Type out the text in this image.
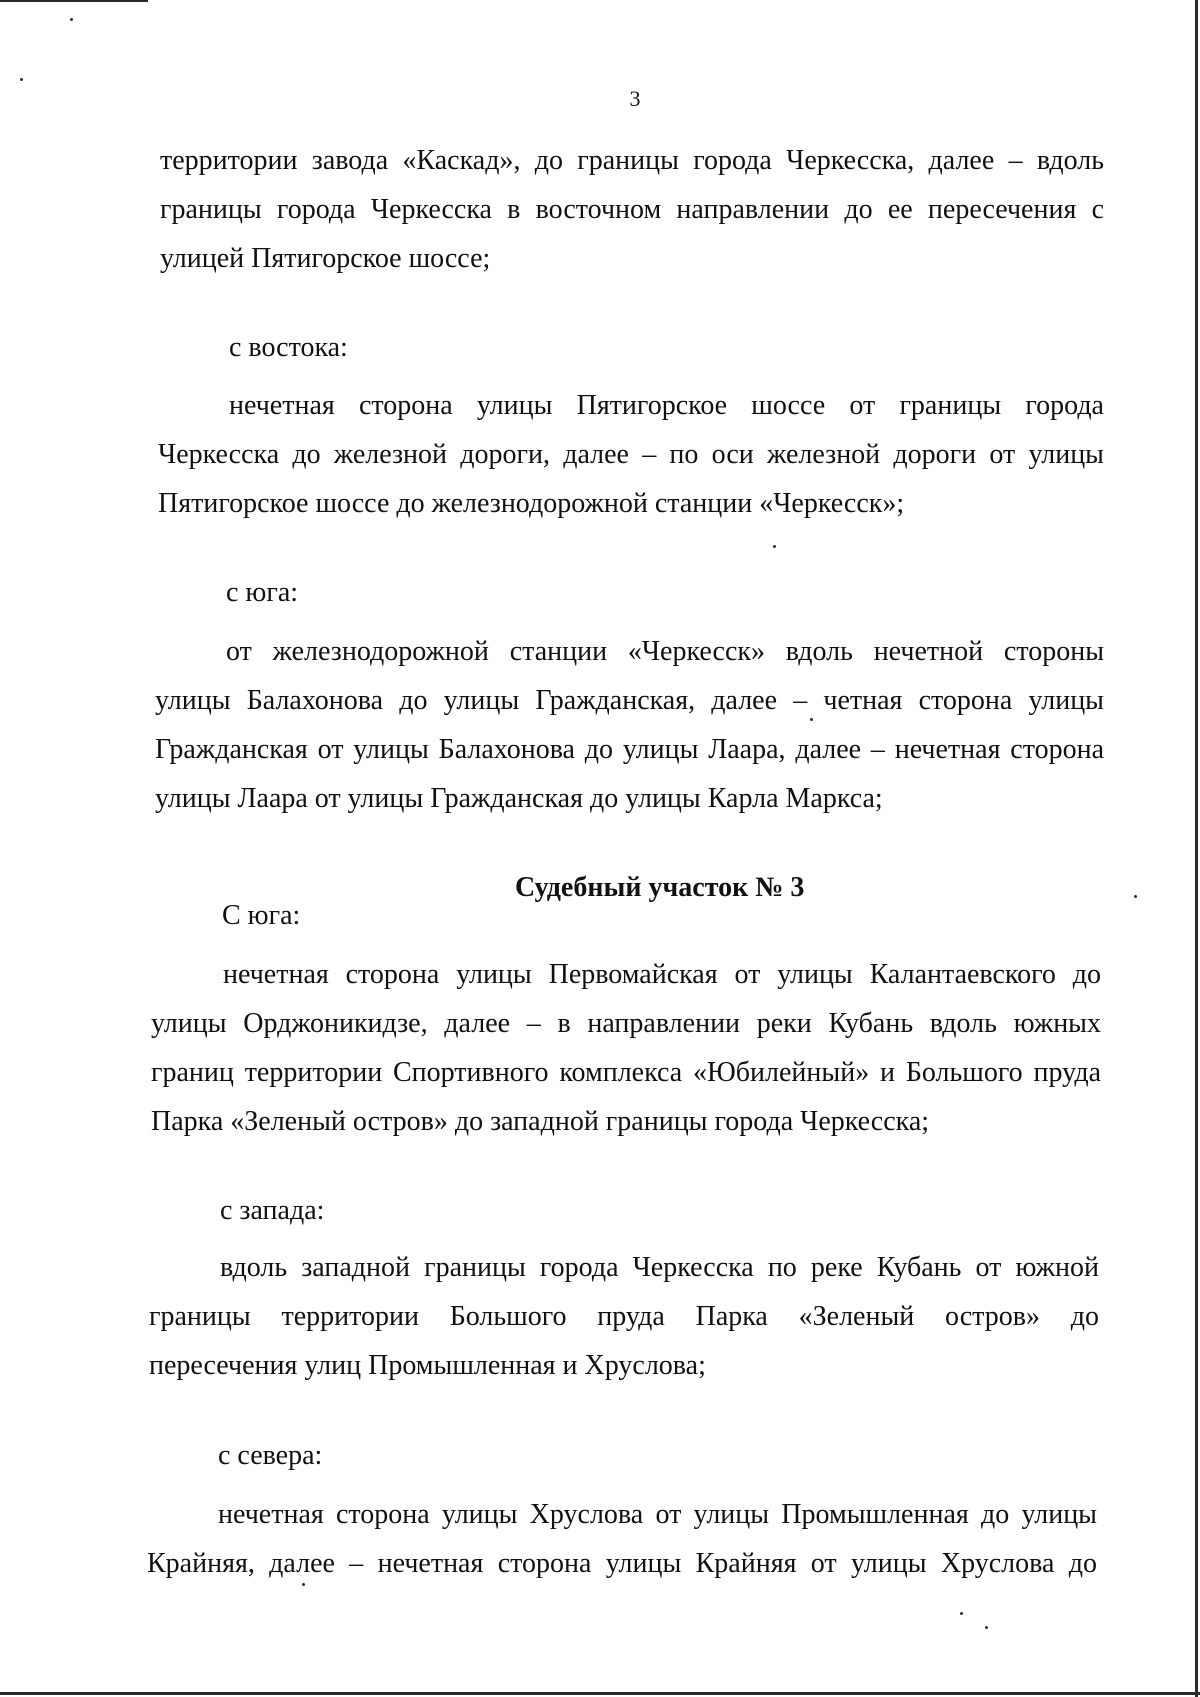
3
территории завода «Каскад», до границы города Черкесска, далее – вдоль
границы города Черкесска в восточном направлении до ее пересечения с
улицей Пятигорское шоссе;
с востока:
нечетная сторона улицы Пятигорское шоссе от границы города
Черкесска до железной дороги, далее – по оси железной дороги от улицы
Пятигорское шоссе до железнодорожной станции «Черкесск»;
с юга:
от железнодорожной станции «Черкесск» вдоль нечетной стороны
улицы Балахонова до улицы Гражданская, далее – четная сторона улицы
Гражданская от улицы Балахонова до улицы Лаара, далее – нечетная сторона
улицы Лаара от улицы Гражданская до улицы Карла Маркса;
Судебный участок № 3
С юга:
нечетная сторона улицы Первомайская от улицы Калантаевского до
улицы Орджоникидзе, далее – в направлении реки Кубань вдоль южных
границ территории Спортивного комплекса «Юбилейный» и Большого пруда
Парка «Зеленый остров» до западной границы города Черкесска;
с запада:
вдоль западной границы города Черкесска по реке Кубань от южной
границы территории Большого пруда Парка «Зеленый остров» до
пересечения улиц Промышленная и Хруслова;
с севера:
нечетная сторона улицы Хруслова от улицы Промышленная до улицы
Крайняя, далее – нечетная сторона улицы Крайняя от улицы Хруслова до
